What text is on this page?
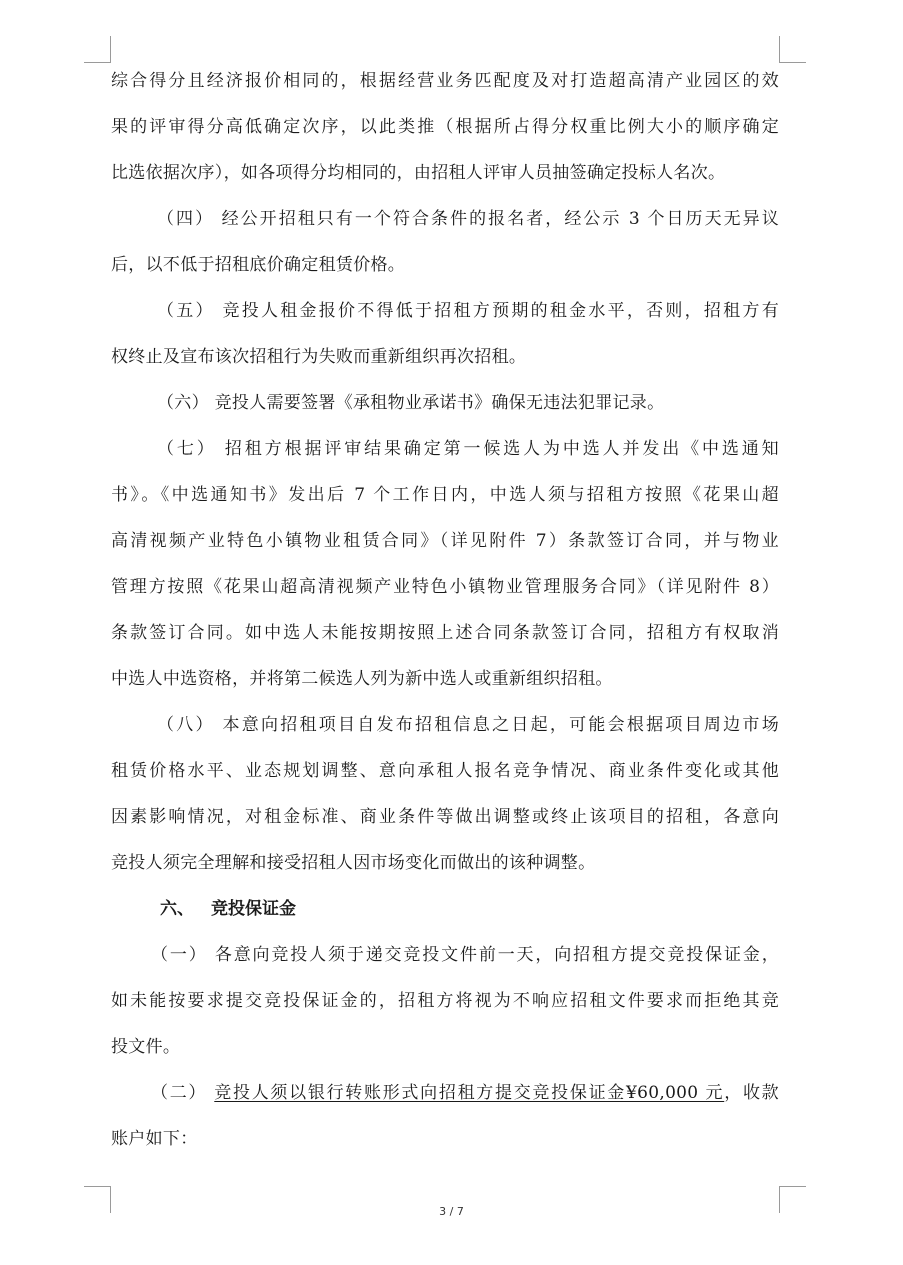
综合得分且经济报价相同的，根据经营业务匹配度及对打造超高清产业园区的效
果的评审得分高低确定次序，以此类推（根据所占得分权重比例大小的顺序确定
比选依据次序），如各项得分均相同的，由招租人评审人员抽签确定投标人名次。
（四） 经公开招租只有一个符合条件的报名者，经公示 3 个日历天无异议
后，以不低于招租底价确定租赁价格。
（五） 竞投人租金报价不得低于招租方预期的租金水平，否则，招租方有
权终止及宣布该次招租行为失败而重新组织再次招租。
（六） 竞投人需要签署《承租物业承诺书》确保无违法犯罪记录。
（七） 招租方根据评审结果确定第一候选人为中选人并发出《中选通知
书》。《中选通知书》发出后 7 个工作日内，中选人须与招租方按照《花果山超
高清视频产业特色小镇物业租赁合同》（详见附件 7）条款签订合同，并与物业
管理方按照《花果山超高清视频产业特色小镇物业管理服务合同》（详见附件 8）
条款签订合同。如中选人未能按期按照上述合同条款签订合同，招租方有权取消
中选人中选资格，并将第二候选人列为新中选人或重新组织招租。
（八） 本意向招租项目自发布招租信息之日起，可能会根据项目周边市场
租赁价格水平、业态规划调整、意向承租人报名竞争情况、商业条件变化或其他
因素影响情况，对租金标准、商业条件等做出调整或终止该项目的招租，各意向
竞投人须完全理解和接受招租人因市场变化而做出的该种调整。
六、 竞投保证金
（一） 各意向竞投人须于递交竞投文件前一天，向招租方提交竞投保证金，
如未能按要求提交竞投保证金的，招租方将视为不响应招租文件要求而拒绝其竞
投文件。
（二） 竞投人须以银行转账形式向招租方提交竞投保证金¥60,000 元，收款
账户如下：
3 / 7
